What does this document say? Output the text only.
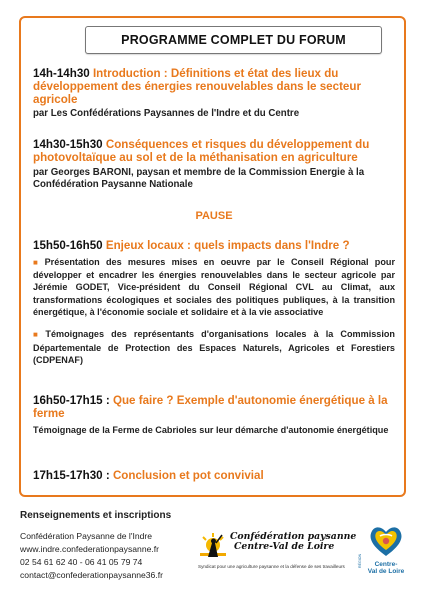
PROGRAMME COMPLET DU FORUM
14h-14h30 Introduction : Définitions et état des lieux du développement des énergies renouvelables dans le secteur agricole
par Les Confédérations Paysannes de l'Indre et du Centre
14h30-15h30 Conséquences et risques du développement du photovoltaïque au sol et de la méthanisation en agriculture
par Georges BARONI, paysan et membre de la Commission Energie à la Confédération Paysanne Nationale
PAUSE
15h50-16h50 Enjeux locaux : quels impacts dans l'Indre ?
■ Présentation des mesures mises en oeuvre par le Conseil Régional pour développer et encadrer les énergies renouvelables dans le secteur agricole par Jérémie GODET, Vice-président du Conseil Régional CVL au Climat, aux transformations écologiques et sociales des politiques publiques, à la transition énergétique, à l'économie sociale et solidaire et à la vie associative
■ Témoignages des représentants d'organisations locales à la Commission Départementale de Protection des Espaces Naturels, Agricoles et Forestiers (CDPENAF)
16h50-17h15 : Que faire ? Exemple d'autonomie énergétique à la ferme
Témoignage de la Ferme de Cabrioles sur leur démarche d'autonomie énergétique
17h15-17h30 : Conclusion et pot convivial
Renseignements et inscriptions
Confédération Paysanne de l'Indre
www.indre.confederationpaysanne.fr
02 54 61 62 40 - 06 41 05 79 74
contact@confederationpaysanne36.fr
Confédération paysanne
Centre-Val de Loire
Syndicat pour une agriculture paysanne et la défense de ses travailleurs	Centre-
Val de Loire
RÉGION
